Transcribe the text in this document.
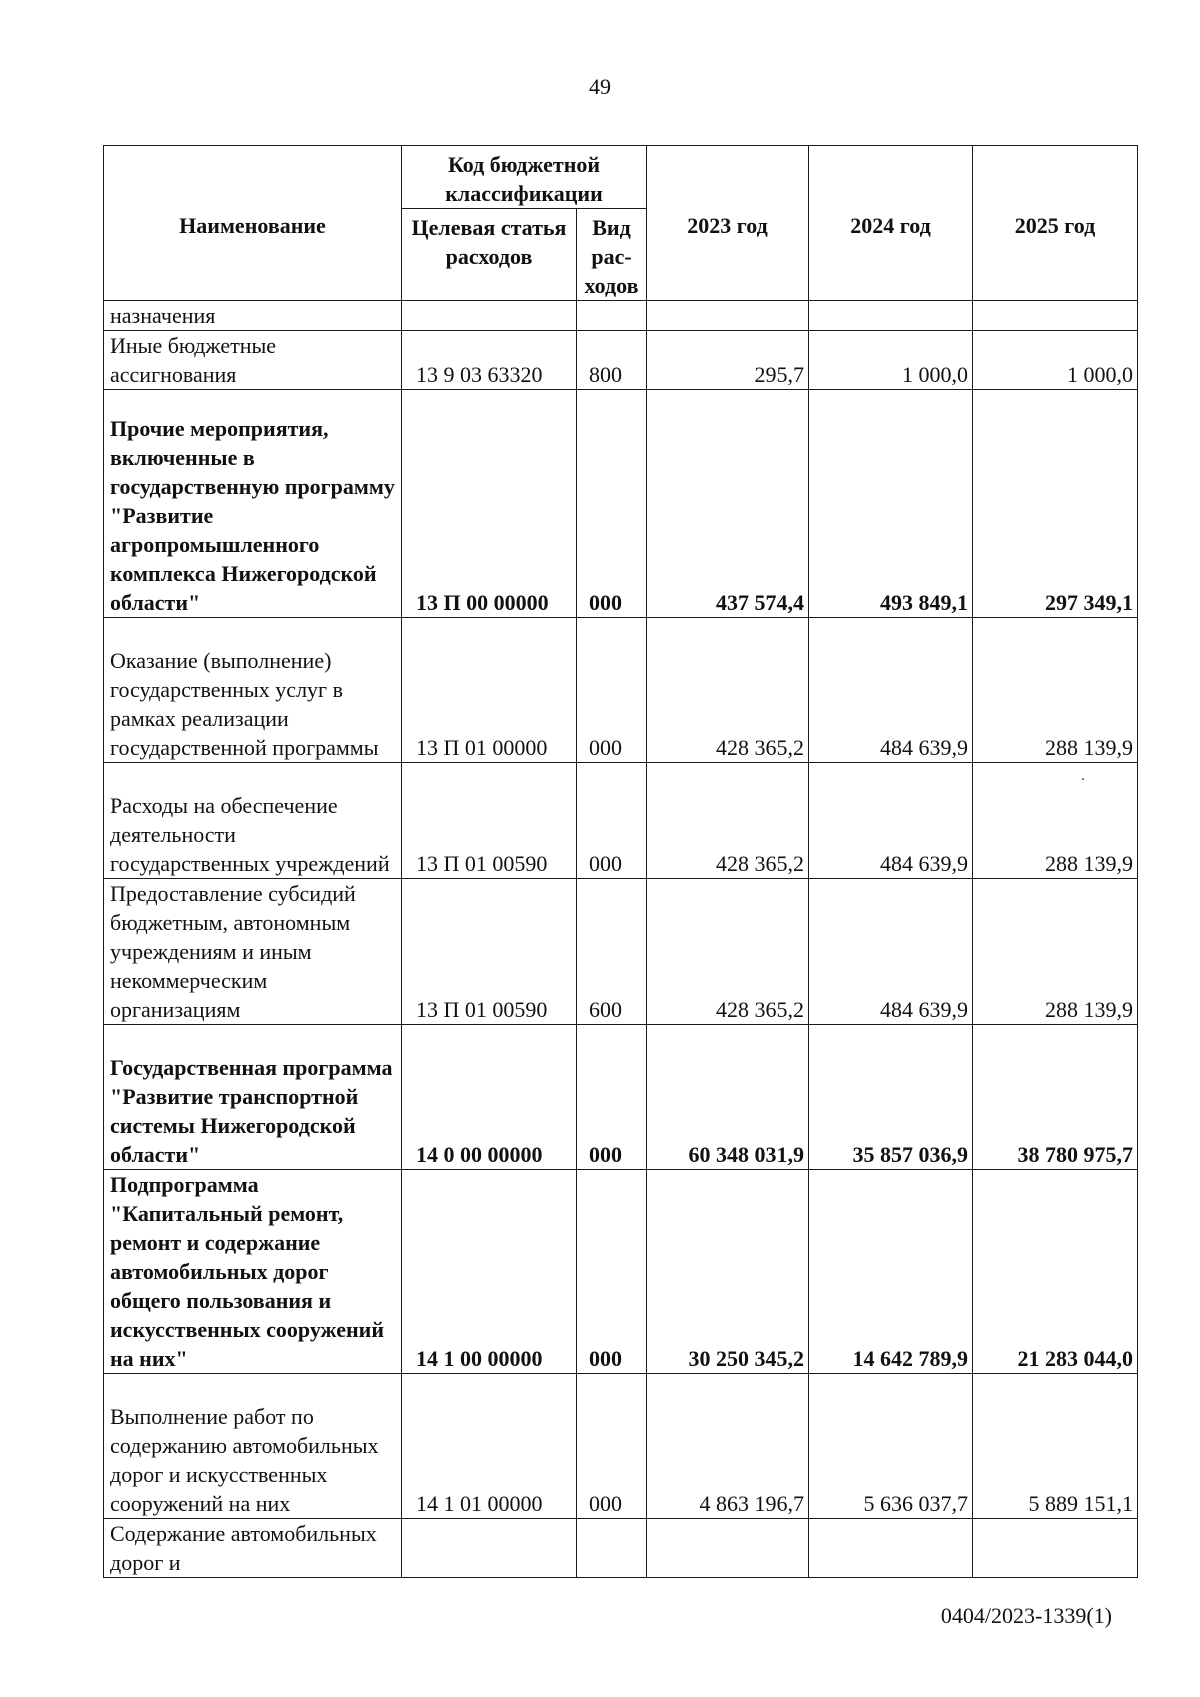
49
Наименование	Код бюджетной классификации		2023 год	2024 год	2025 год
	Целевая статья расходов	Вид рас-ходов			
назначения					
Иные бюджетные ассигнования	13 9 03 63320	800	295,7	1 000,0	1 000,0
Прочие мероприятия, включенные в государственную программу "Развитие агропромышленного комплекса Нижегородской области"	13 П 00 00000	000	437 574,4	493 849,1	297 349,1
Оказание (выполнение) государственных услуг в рамках реализации государственной программы	13 П 01 00000	000	428 365,2	484 639,9	288 139,9
Расходы на обеспечение деятельности государственных учреждений	13 П 01 00590	000	428 365,2	484 639,9	288 139,9
Предоставление субсидий бюджетным, автономным учреждениям и иным некоммерческим организациям	13 П 01 00590	600	428 365,2	484 639,9	288 139,9
Государственная программа "Развитие транспортной системы Нижегородской области"	14 0 00 00000	000	60 348 031,9	35 857 036,9	38 780 975,7
Подпрограмма "Капитальный ремонт, ремонт и содержание автомобильных дорог общего пользования и искусственных сооружений на них"	14 1 00 00000	000	30 250 345,2	14 642 789,9	21 283 044,0
Выполнение работ по содержанию автомобильных дорог и искусственных сооружений на них	14 1 01 00000	000	4 863 196,7	5 636 037,7	5 889 151,1
Содержание автомобильных дорог и					
0404/2023-1339(1)
